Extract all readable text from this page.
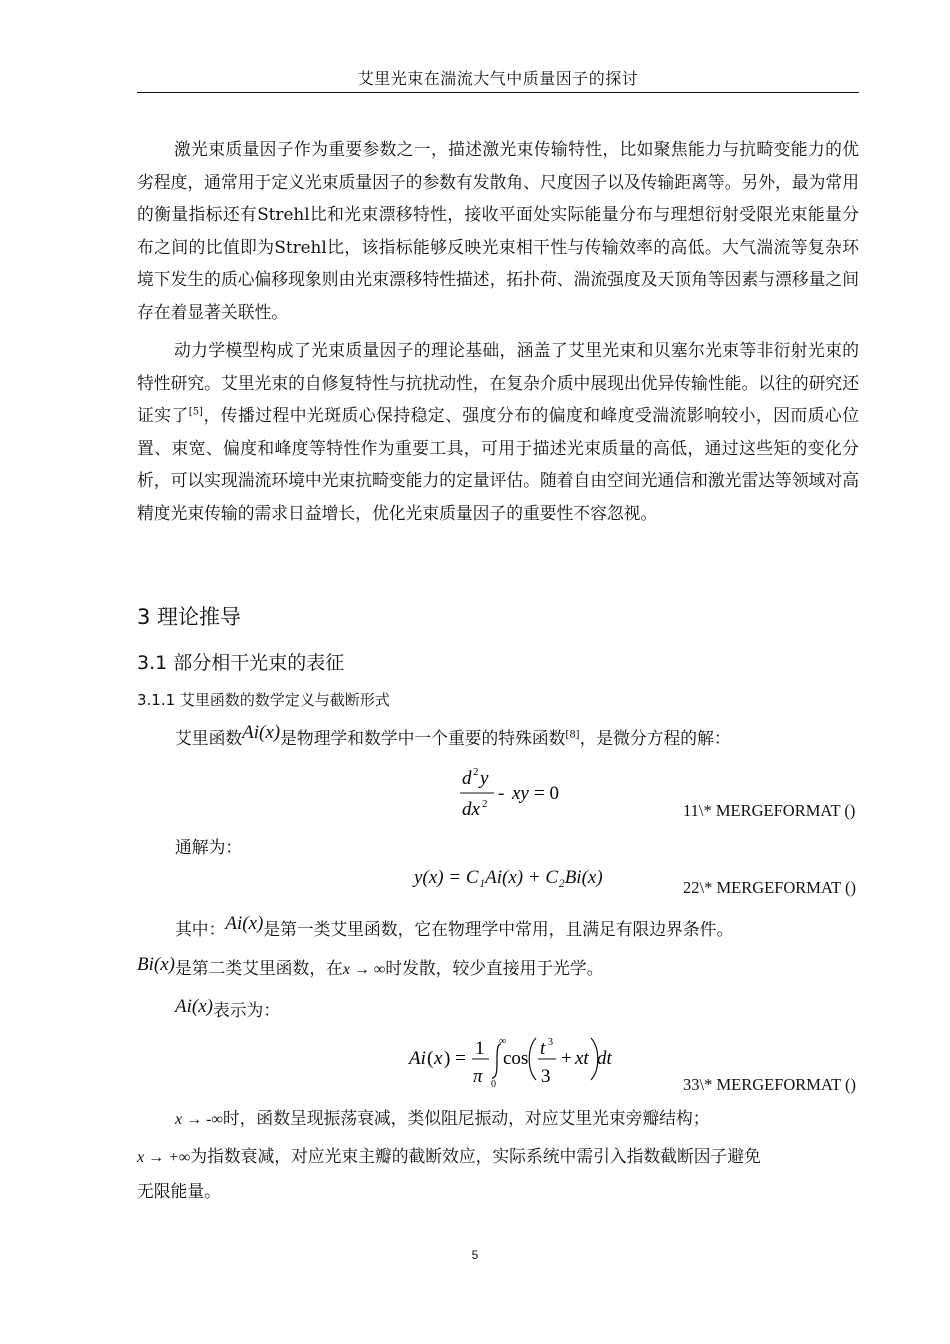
艾里光束在湍流大气中质量因子的探讨

激光束质量因子作为重要参数之一，描述激光束传输特性，比如聚焦能力与抗畸变能力的优劣程度，通常用于定义光束质量因子的参数有发散角、尺度因子以及传输距离等。另外，最为常用的衡量指标还有Strehl比和光束漂移特性，接收平面处实际能量分布与理想衍射受限光束能量分布之间的比值即为Strehl比，该指标能够反映光束相干性与传输效率的高低。大气湍流等复杂环境下发生的质心偏移现象则由光束漂移特性描述，拓扑荷、湍流强度及天顶角等因素与漂移量之间存在着显著关联性。

动力学模型构成了光束质量因子的理论基础，涵盖了艾里光束和贝塞尔光束等非衍射光束的特性研究。艾里光束的自修复特性与抗扰动性，在复杂介质中展现出优异传输性能。以往的研究还证实了[5]，传播过程中光斑质心保持稳定、强度分布的偏度和峰度受湍流影响较小，因而质心位置、束宽、偏度和峰度等特性作为重要工具，可用于描述光束质量的高低，通过这些矩的变化分析，可以实现湍流环境中光束抗畸变能力的定量评估。随着自由空间光通信和激光雷达等领域对高精度光束传输的需求日益增长，优化光束质量因子的重要性不容忽视。

3 理论推导
3.1 部分相干光束的表征
3.1.1 艾里函数的数学定义与截断形式
艾里函数Ai(x)是物理学和数学中一个重要的特殊函数[8]，是微分方程的解：
d 2 y
dx 2 - xy = 0
11\* MERGEFORMAT ()
通解为：
y(x) = C₁Ai(x) + C₂Bi(x)	22\* MERGEFORMAT ()
其中：Ai(x)是第一类艾里函数，它在物理学中常用，且满足有限边界条件。
Bi(x)是第二类艾里函数，在x → ∞时发散，较少直接用于光学。
Ai(x)表示为：
Ai ( x ) = 1
π
∞
0
cos t 3
3
+ xt dt
33\* MERGEFORMAT ()
x → -∞时，函数呈现振荡衰减，类似阻尼振动，对应艾里光束旁瓣结构；
x → +∞为指数衰减，对应光束主瓣的截断效应，实际系统中需引入指数截断因子避免
无限能量。
5
